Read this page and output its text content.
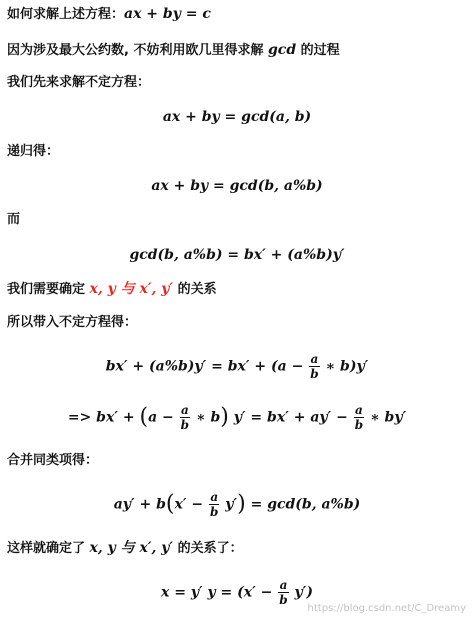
如何求解上述方程：ax + by = c
因为涉及最大公约数, 不妨利用欧几里得求解 gcd 的过程
我们先来求解不定方程：
ax + by = gcd(a, b)
递归得：
ax + by = gcd(b, a%b)
而
gcd(b, a%b) = bx′ + (a%b)y′
我们需要确定 x, y 与 x′, y′ 的关系
所以带入不定方程得：
$bx' + (a\%b)y' = bx' + (a - \frac{a}{b}$ ∗ b)y′
=> $bx' + (a - \frac{a}{b}$ ∗ b) $y' = bx' + ay' - \frac{a}{b}$ ∗ by′
合并同类项得：
$ay' + b(x' - \frac{a}{b} y') = \gcd(b$, a%b)
这样就确定了 x, y 与 x′, y′ 的关系了：
x = y′ $y = (x' - \frac{a}{b} y')$
https://blog.csdn.net/C_Dreamy
